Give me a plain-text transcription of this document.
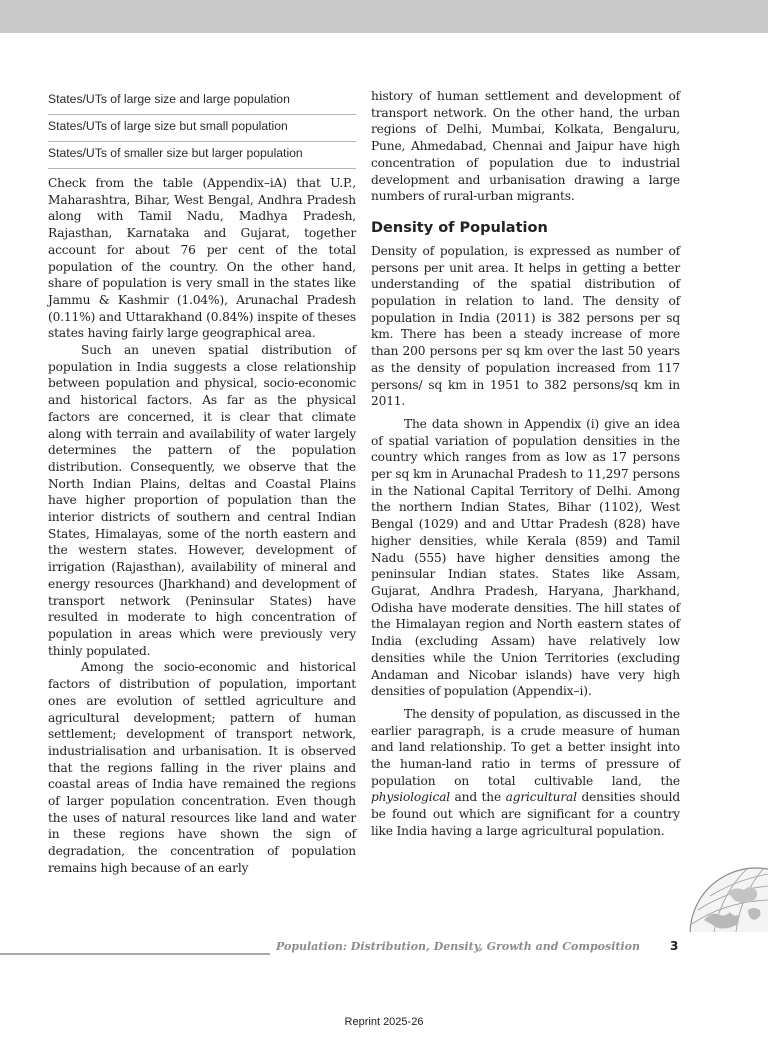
States/UTs of large size and large population
States/UTs of large size but small population
States/UTs of smaller size but larger population

Check from the table (Appendix–iA) that U.P., Maharashtra, Bihar, West Bengal, Andhra Pradesh along with Tamil Nadu, Madhya Pradesh, Rajasthan, Karnataka and Gujarat, together account for about 76 per cent of the total population of the country. On the other hand, share of population is very small in the states like Jammu & Kashmir (1.04%), Arunachal Pradesh (0.11%) and Uttarakhand (0.84%) inspite of theses states having fairly large geographical area.

Such an uneven spatial distribution of population in India suggests a close relationship between population and physical, socio-economic and historical factors. As far as the physical factors are concerned, it is clear that climate along with terrain and availability of water largely determines the pattern of the population distribution. Consequently, we observe that the North Indian Plains, deltas and Coastal Plains have higher proportion of population than the interior districts of southern and central Indian States, Himalayas, some of the north eastern and the western states. However, development of irrigation (Rajasthan), availability of mineral and energy resources (Jharkhand) and development of transport network (Peninsular States) have resulted in moderate to high concentration of population in areas which were previously very thinly populated.

Among the socio-economic and historical factors of distribution of population, important ones are evolution of settled agriculture and agricultural development; pattern of human settlement; development of transport network, industrialisation and urbanisation. It is observed that the regions falling in the river plains and coastal areas of India have remained the regions of larger population concentration. Even though the uses of natural resources like land and water in these regions have shown the sign of degradation, the concentration of population remains high because of an early

history of human settlement and development of transport network. On the other hand, the urban regions of Delhi, Mumbai, Kolkata, Bengaluru, Pune, Ahmedabad, Chennai and Jaipur have high concentration of population due to industrial development and urbanisation drawing a large numbers of rural-urban migrants.

Density of Population

Density of population, is expressed as number of persons per unit area. It helps in getting a better understanding of the spatial distribution of population in relation to land. The density of population in India (2011) is 382 persons per sq km. There has been a steady increase of more than 200 persons per sq km over the last 50 years as the density of population increased from 117 persons/ sq km in 1951 to 382 persons/sq km in 2011.

The data shown in Appendix (i) give an idea of spatial variation of population densities in the country which ranges from as low as 17 persons per sq km in Arunachal Pradesh to 11,297 persons in the National Capital Territory of Delhi. Among the northern Indian States, Bihar (1102), West Bengal (1029) and and Uttar Pradesh (828) have higher densities, while Kerala (859) and Tamil Nadu (555) have higher densities among the peninsular Indian states. States like Assam, Gujarat, Andhra Pradesh, Haryana, Jharkhand, Odisha have moderate densities. The hill states of the Himalayan region and North eastern states of India (excluding Assam) have relatively low densities while the Union Territories (excluding Andaman and Nicobar islands) have very high densities of population (Appendix–i).

The density of population, as discussed in the earlier paragraph, is a crude measure of human and land relationship. To get a better insight into the human-land ratio in terms of pressure of population on total cultivable land, the physiological and the agricultural densities should be found out which are significant for a country like India having a large agricultural population.

Population: Distribution, Density, Growth and Composition	3
Reprint 2025-26
